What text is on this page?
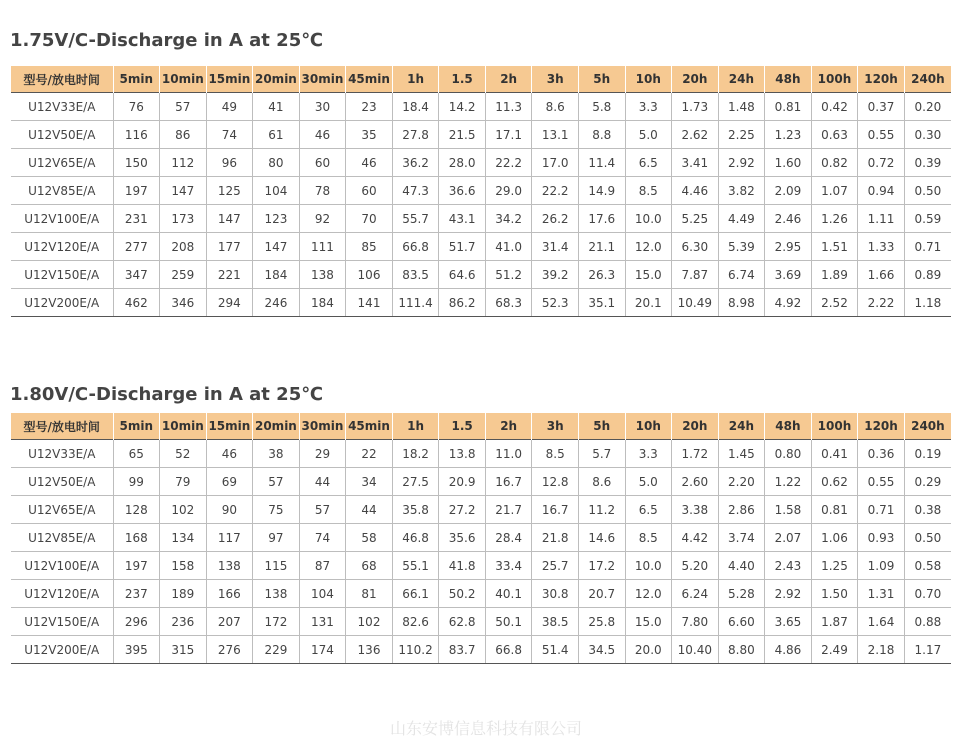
1.75V/C-Discharge in A at 25℃
型号/放电时间	5min	10min	15min	20min	30min	45min	1h	1.5	2h	3h	5h	10h	20h	24h	48h	100h	120h	240h
U12V33E/A	76	57	49	41	30	23	18.4	14.2	11.3	8.6	5.8	3.3	1.73	1.48	0.81	0.42	0.37	0.20
U12V50E/A	116	86	74	61	46	35	27.8	21.5	17.1	13.1	8.8	5.0	2.62	2.25	1.23	0.63	0.55	0.30
U12V65E/A	150	112	96	80	60	46	36.2	28.0	22.2	17.0	11.4	6.5	3.41	2.92	1.60	0.82	0.72	0.39
U12V85E/A	197	147	125	104	78	60	47.3	36.6	29.0	22.2	14.9	8.5	4.46	3.82	2.09	1.07	0.94	0.50
U12V100E/A	231	173	147	123	92	70	55.7	43.1	34.2	26.2	17.6	10.0	5.25	4.49	2.46	1.26	1.11	0.59
U12V120E/A	277	208	177	147	111	85	66.8	51.7	41.0	31.4	21.1	12.0	6.30	5.39	2.95	1.51	1.33	0.71
U12V150E/A	347	259	221	184	138	106	83.5	64.6	51.2	39.2	26.3	15.0	7.87	6.74	3.69	1.89	1.66	0.89
U12V200E/A	462	346	294	246	184	141	111.4	86.2	68.3	52.3	35.1	20.1	10.49	8.98	4.92	2.52	2.22	1.18
1.80V/C-Discharge in A at 25℃
型号/放电时间	5min	10min	15min	20min	30min	45min	1h	1.5	2h	3h	5h	10h	20h	24h	48h	100h	120h	240h
U12V33E/A	65	52	46	38	29	22	18.2	13.8	11.0	8.5	5.7	3.3	1.72	1.45	0.80	0.41	0.36	0.19
U12V50E/A	99	79	69	57	44	34	27.5	20.9	16.7	12.8	8.6	5.0	2.60	2.20	1.22	0.62	0.55	0.29
U12V65E/A	128	102	90	75	57	44	35.8	27.2	21.7	16.7	11.2	6.5	3.38	2.86	1.58	0.81	0.71	0.38
U12V85E/A	168	134	117	97	74	58	46.8	35.6	28.4	21.8	14.6	8.5	4.42	3.74	2.07	1.06	0.93	0.50
U12V100E/A	197	158	138	115	87	68	55.1	41.8	33.4	25.7	17.2	10.0	5.20	4.40	2.43	1.25	1.09	0.58
U12V120E/A	237	189	166	138	104	81	66.1	50.2	40.1	30.8	20.7	12.0	6.24	5.28	2.92	1.50	1.31	0.70
U12V150E/A	296	236	207	172	131	102	82.6	62.8	50.1	38.5	25.8	15.0	7.80	6.60	3.65	1.87	1.64	0.88
U12V200E/A	395	315	276	229	174	136	110.2	83.7	66.8	51.4	34.5	20.0	10.40	8.80	4.86	2.49	2.18	1.17
山东安博信息科技有限公司
